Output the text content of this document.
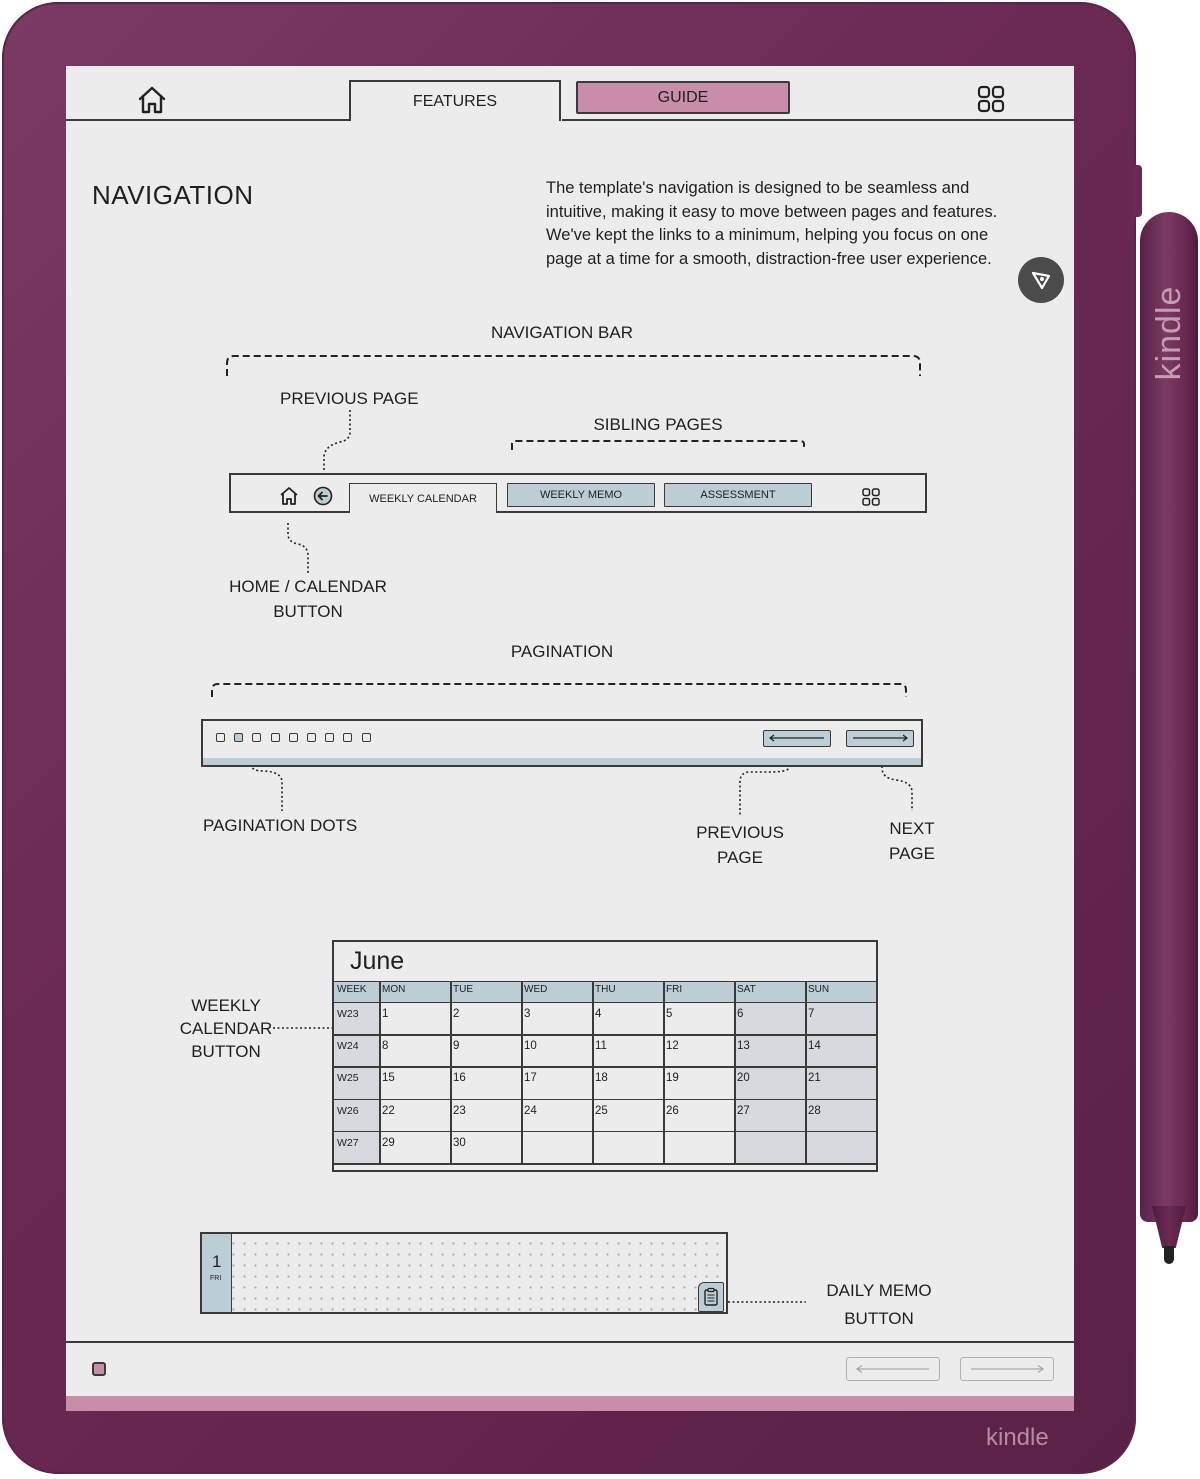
kindle
kindle
FEATURES	GUIDE
NAVIGATION	The template's navigation is designed to be seamless and intuitive, making it easy to move between pages and features. We've kept the links to a minimum, helping you focus on one page at a time for a smooth, distraction-free user experience.
NAVIGATION BAR
PREVIOUS PAGE
SIBLING PAGES
WEEKLY CALENDAR	WEEKLY MEMO	ASSESSMENT
HOME / CALENDAR
BUTTON
PAGINATION
PAGINATION DOTS	PREVIOUS
PAGE
NEXT
PAGE
WEEKLY
CALENDAR
BUTTON
June
WEEK MON	TUE	WED	THU	FRI	SAT	SUN
W23 1	2	3	4	5	6	7
W24 8	9	10	11	12	13	14
W25 15	16	17	18	19	20	21
W26 22	23	24	25	26	27	28
W27 29	30
1
FRI
DAILY MEMO
BUTTON
